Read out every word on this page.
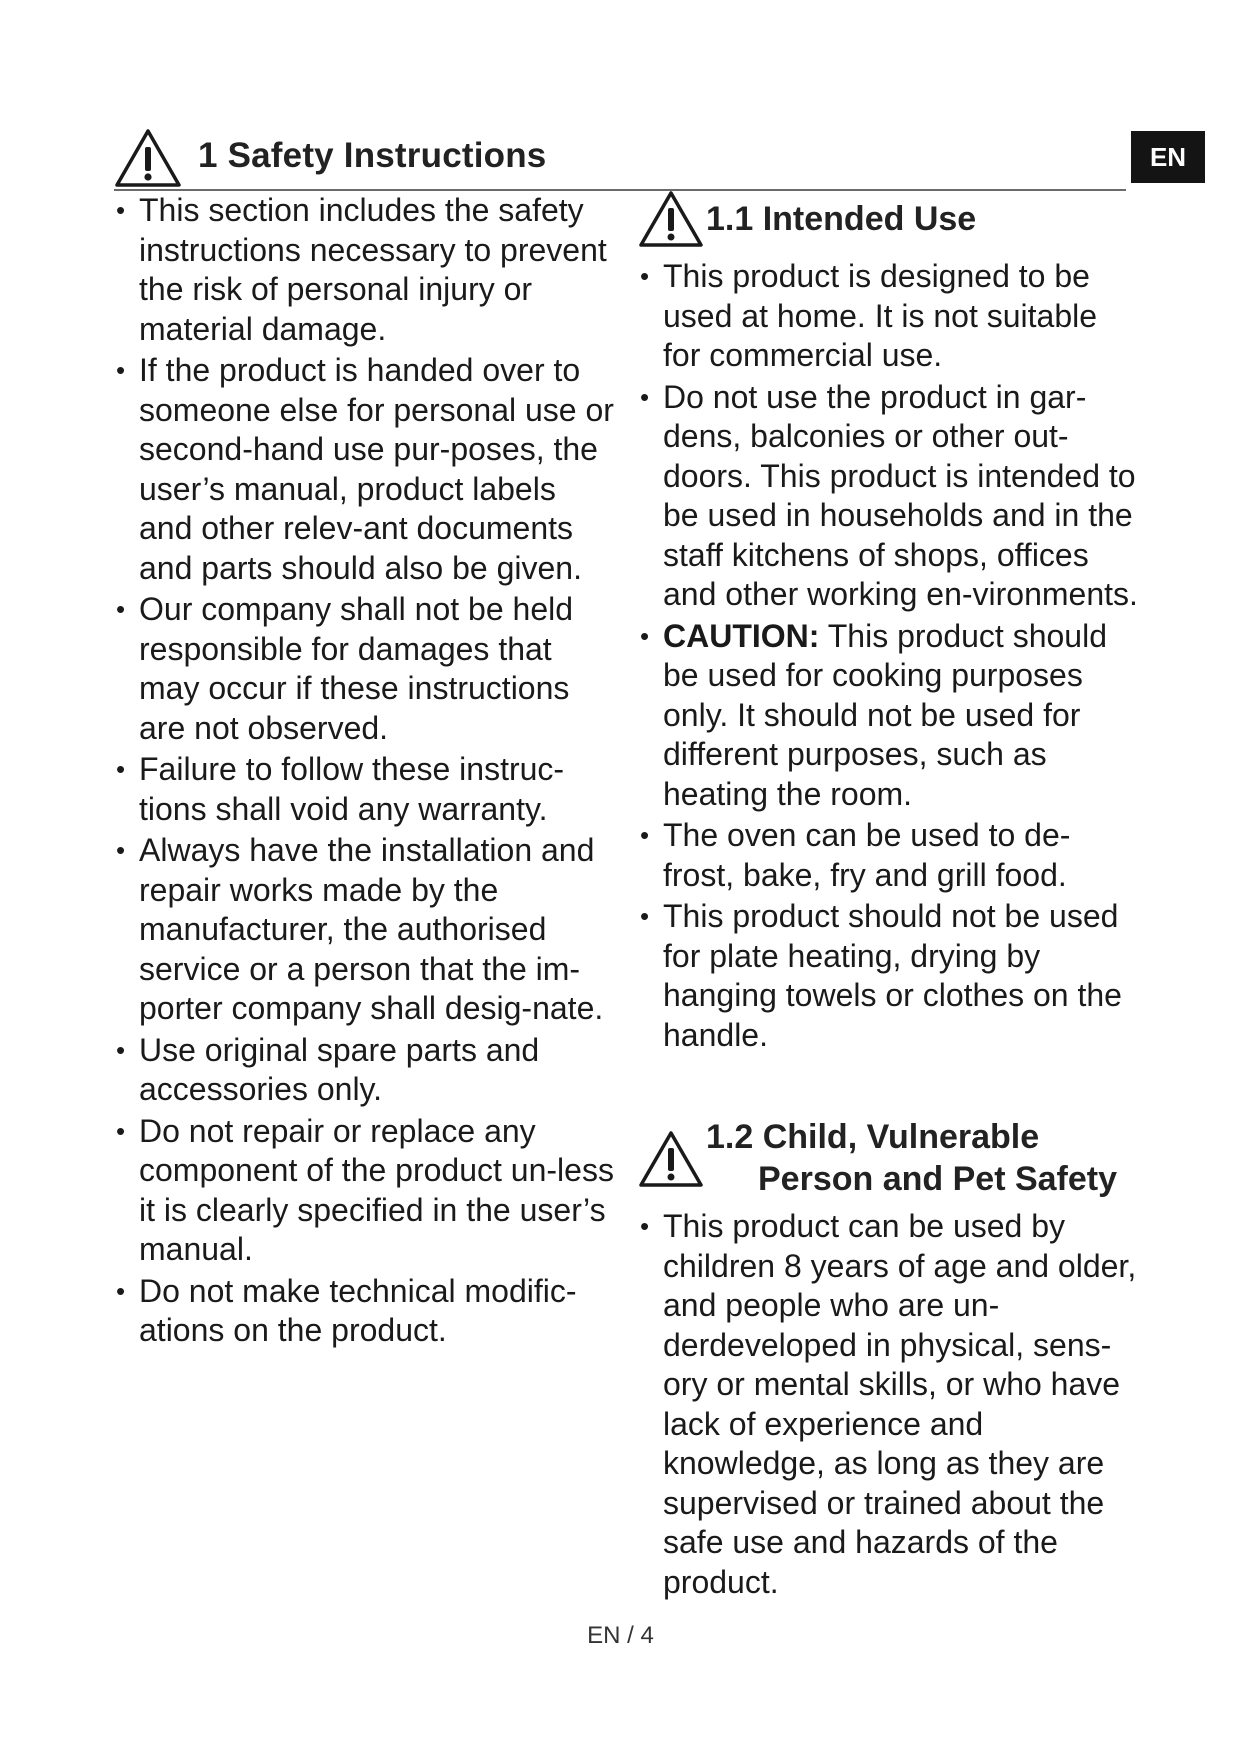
1 Safety Instructions	EN
• This section includes the safety instructions necessary to prevent the risk of personal injury or material damage.
• If the product is handed over to someone else for personal use or second-hand use pur-poses, the user’s manual, product labels and other relev-ant documents and parts should also be given.
• Our company shall not be held responsible for damages that may occur if these instructions are not observed.
• Failure to follow these instruc-tions shall void any warranty.
• Always have the installation and repair works made by the manufacturer, the authorised service or a person that the im-porter company shall desig-nate.
• Use original spare parts and accessories only.
• Do not repair or replace any component of the product un-less it is clearly specified in the user’s manual.
• Do not make technical modific-ations on the product.
1.1 Intended Use
• This product is designed to be used at home. It is not suitable for commercial use.
• Do not use the product in gar-dens, balconies or other out-doors. This product is intended to be used in households and in the staff kitchens of shops, offices and other working en-vironments.
• CAUTION: This product should be used for cooking purposes only. It should not be used for different purposes, such as heating the room.
• The oven can be used to de-frost, bake, fry and grill food.
• This product should not be used for plate heating, drying by hanging towels or clothes on the handle.
1.2 Child, Vulnerable
Person and Pet Safety
• This product can be used by children 8 years of age and older, and people who are un-derdeveloped in physical, sens-ory or mental skills, or who have lack of experience and knowledge, as long as they are supervised or trained about the safe use and hazards of the product.
EN / 4
